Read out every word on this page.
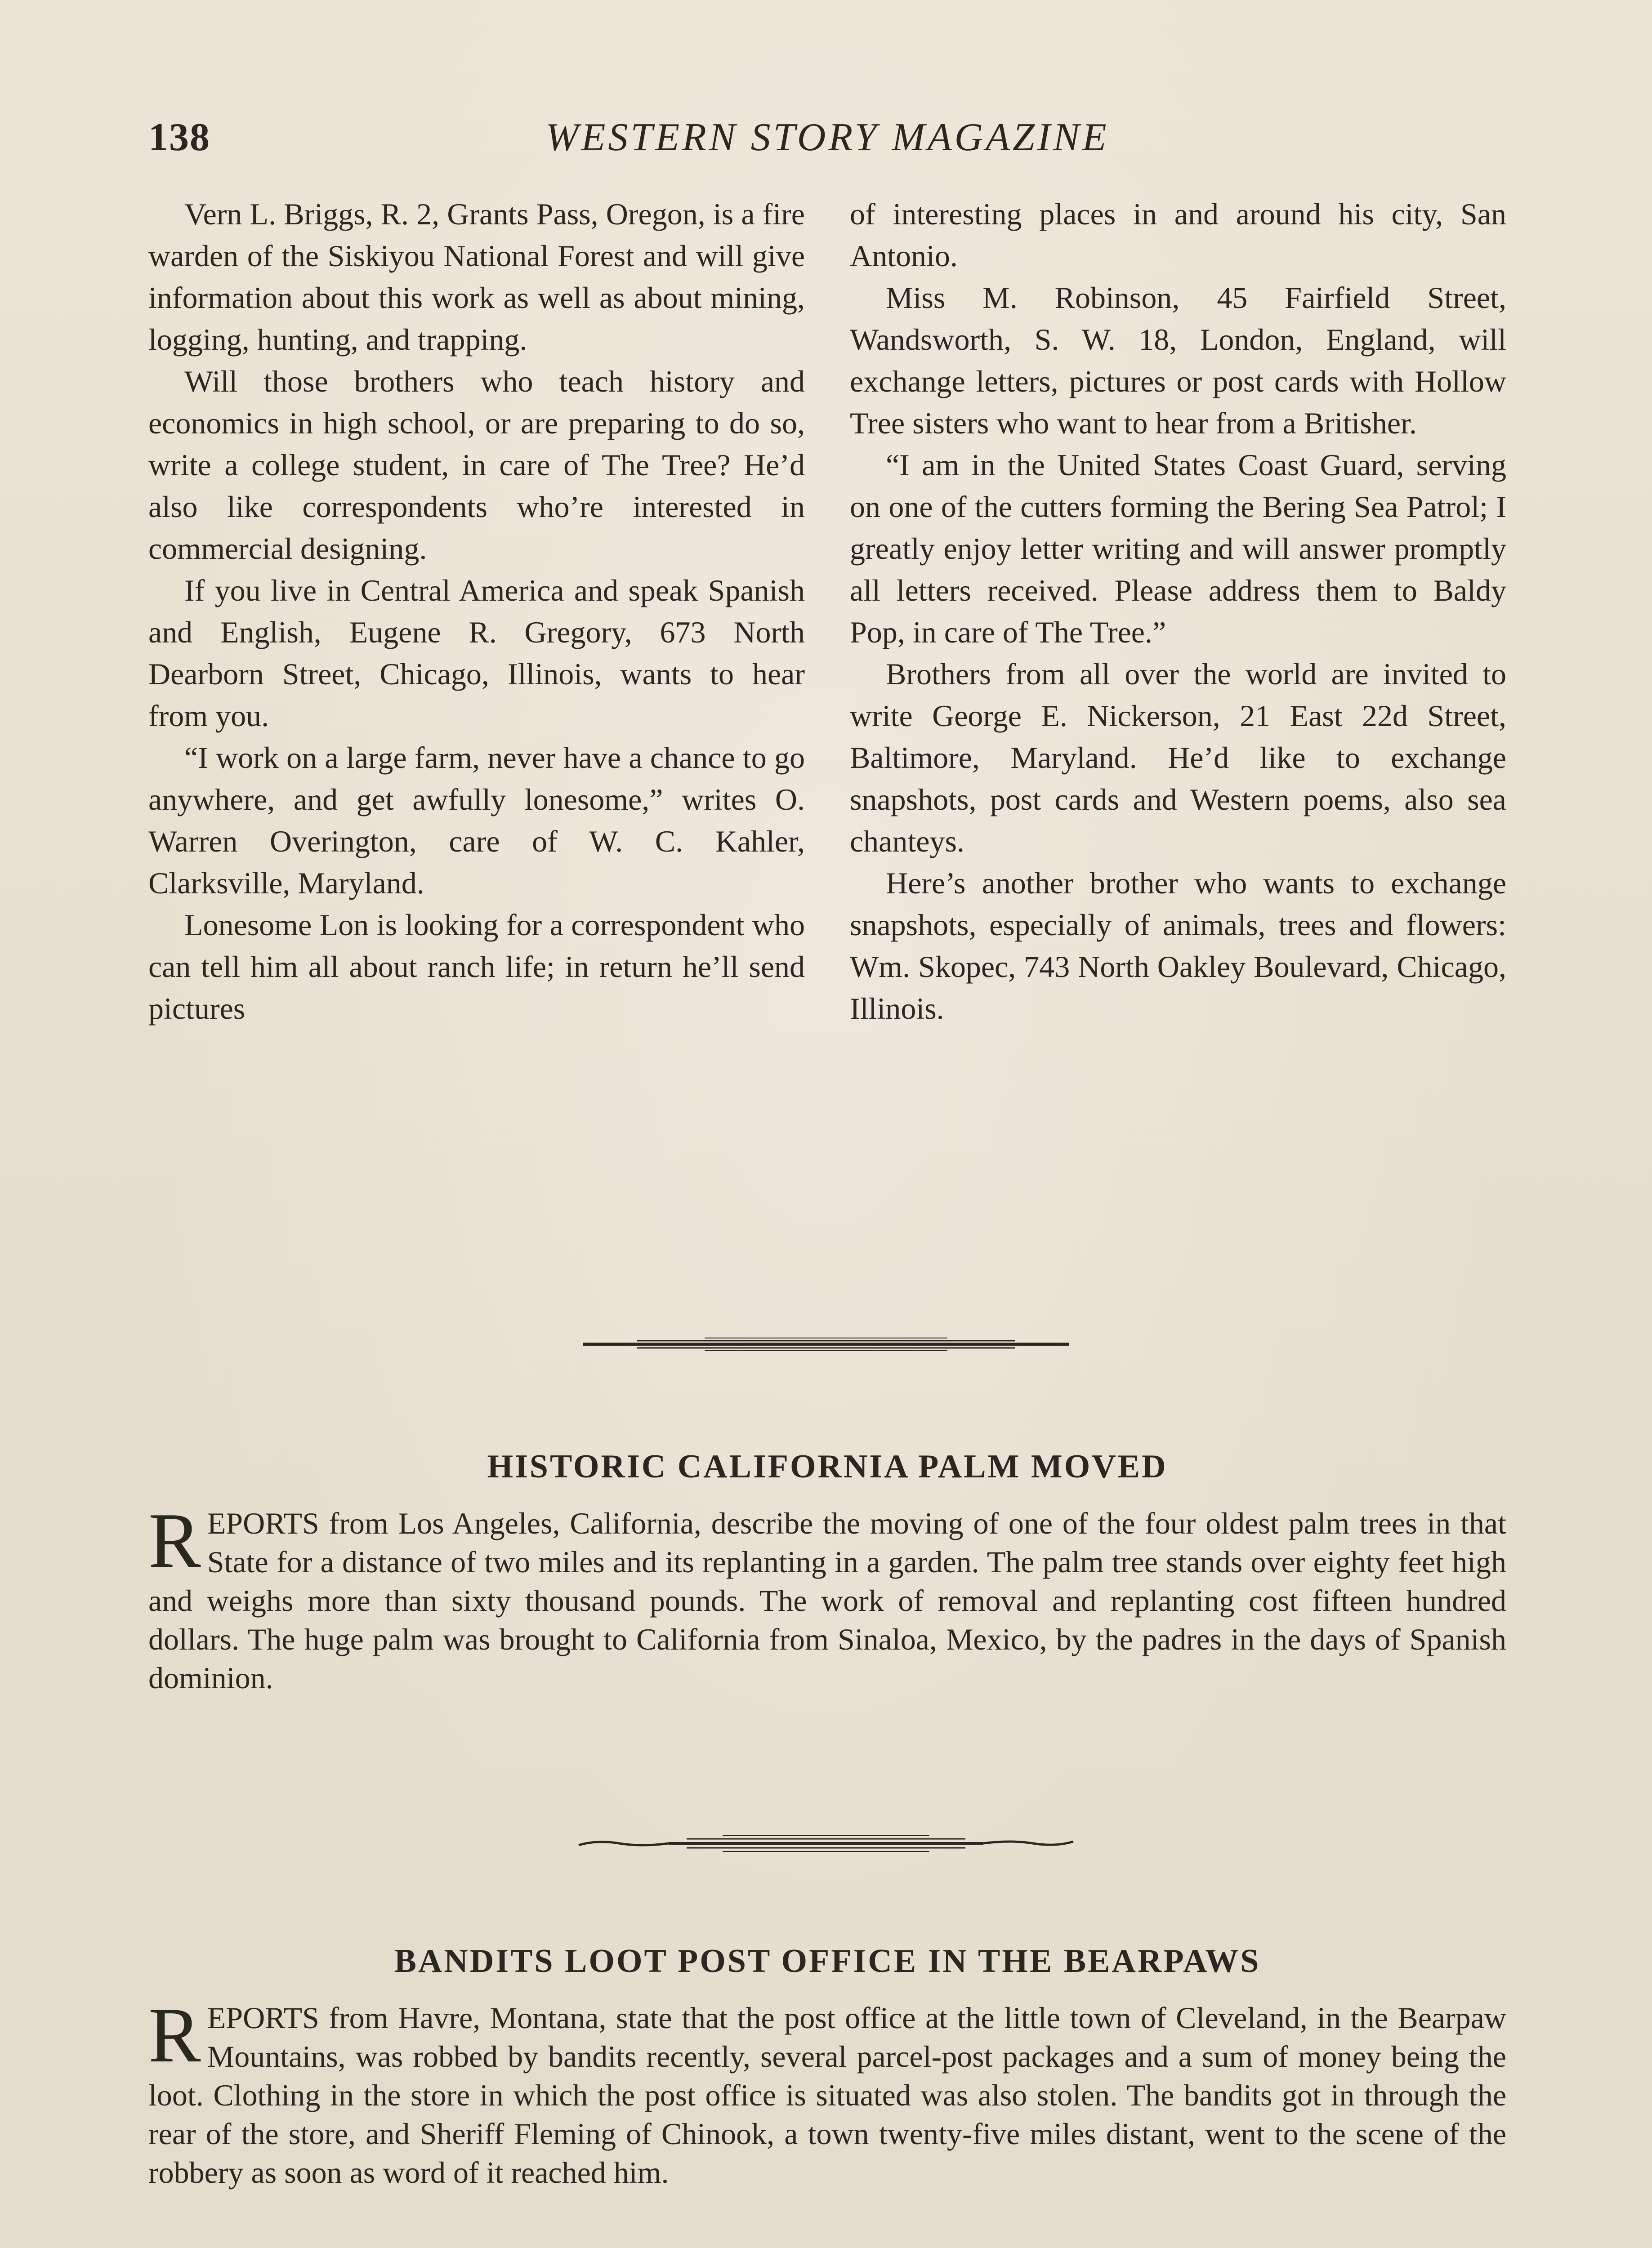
138	WESTERN STORY MAGAZINE

Vern L. Briggs, R. 2, Grants Pass, Oregon, is a fire warden of the Siskiyou National Forest and will give information about this work as well as about mining, logging, hunting, and trapping.

Will those brothers who teach history and economics in high school, or are preparing to do so, write a college student, in care of The Tree? He’d also like correspondents who’re interested in commercial designing.

If you live in Central America and speak Spanish and English, Eugene R. Gregory, 673 North Dearborn Street, Chicago, Illinois, wants to hear from you.

“I work on a large farm, never have a chance to go anywhere, and get awfully lonesome,” writes O. Warren Overington, care of W. C. Kahler, Clarksville, Maryland.

Lonesome Lon is looking for a correspondent who can tell him all about ranch life; in return he’ll send pictures

of interesting places in and around his city, San Antonio.

Miss M. Robinson, 45 Fairfield Street, Wandsworth, S. W. 18, London, England, will exchange letters, pictures or post cards with Hollow Tree sisters who want to hear from a Britisher.

“I am in the United States Coast Guard, serving on one of the cutters forming the Bering Sea Patrol; I greatly enjoy letter writing and will answer promptly all letters received. Please address them to Baldy Pop, in care of The Tree.”

Brothers from all over the world are invited to write George E. Nickerson, 21 East 22d Street, Baltimore, Maryland. He’d like to exchange snapshots, post cards and Western poems, also sea chanteys.

Here’s another brother who wants to exchange snapshots, especially of animals, trees and flowers: Wm. Skopec, 743 North Oakley Boulevard, Chicago, Illinois.

HISTORIC CALIFORNIA PALM MOVED

REPORTS from Los Angeles, California, describe the moving of one of the four oldest palm trees in that State for a distance of two miles and its replanting in a garden. The palm tree stands over eighty feet high and weighs more than sixty thousand pounds. The work of removal and replanting cost fifteen hundred dollars. The huge palm was brought to California from Sinaloa, Mexico, by the padres in the days of Spanish dominion.

BANDITS LOOT POST OFFICE IN THE BEARPAWS

REPORTS from Havre, Montana, state that the post office at the little town of Cleveland, in the Bearpaw Mountains, was robbed by bandits recently, several parcel-post packages and a sum of money being the loot. Clothing in the store in which the post office is situated was also stolen. The bandits got in through the rear of the store, and Sheriff Fleming of Chinook, a town twenty-five miles distant, went to the scene of the robbery as soon as word of it reached him.
